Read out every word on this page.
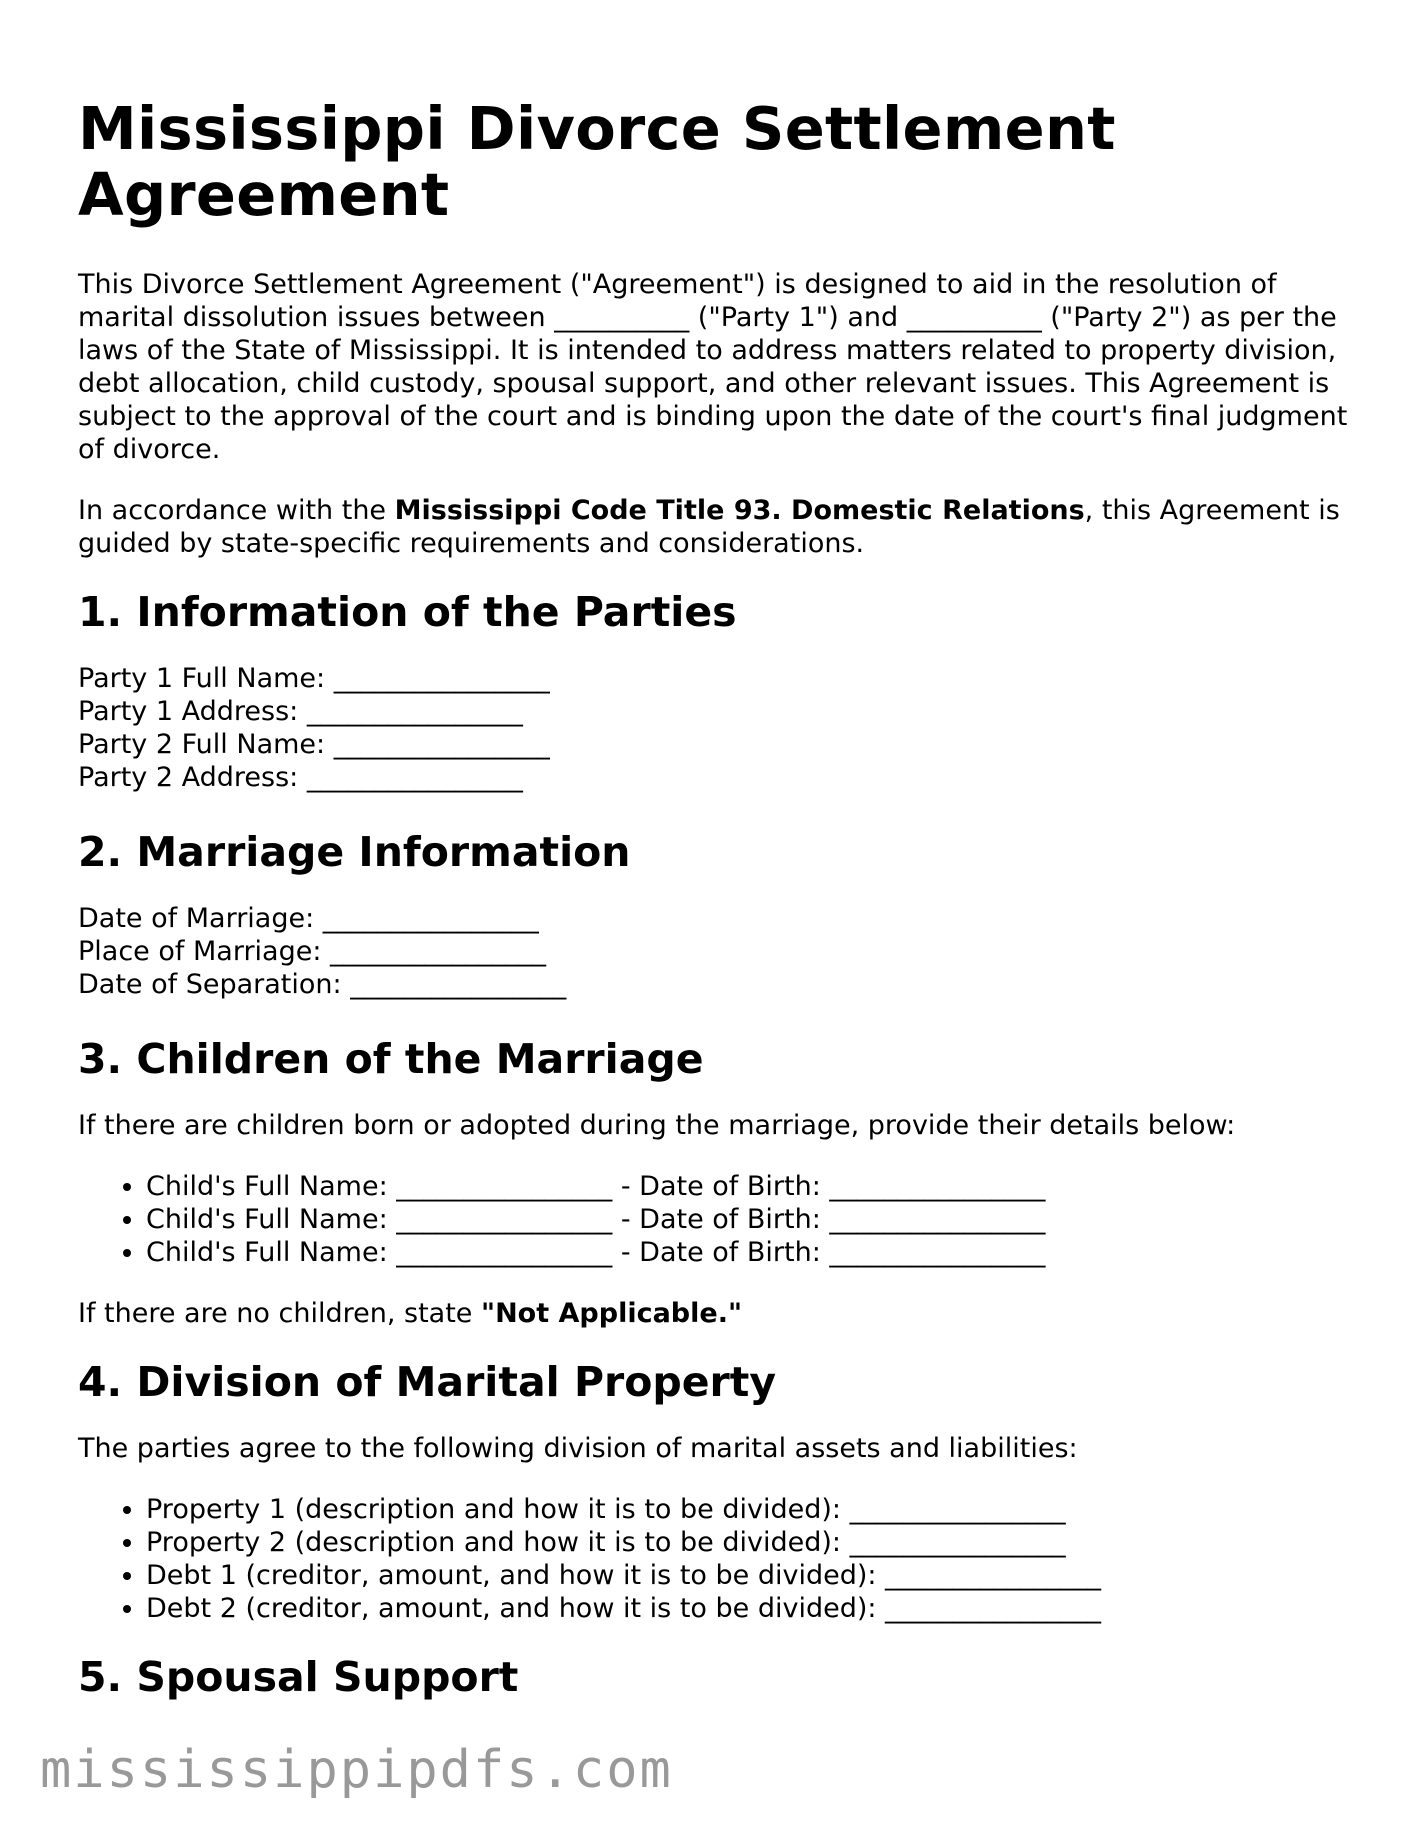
Mississippi Divorce Settlement Agreement

This Divorce Settlement Agreement ("Agreement") is designed to aid in the resolution of marital dissolution issues between __________ ("Party 1") and __________ ("Party 2") as per the laws of the State of Mississippi. It is intended to address matters related to property division, debt allocation, child custody, spousal support, and other relevant issues. This Agreement is subject to the approval of the court and is binding upon the date of the court's final judgment of divorce.

In accordance with the Mississippi Code Title 93. Domestic Relations, this Agreement is guided by state-specific requirements and considerations.

1. Information of the Parties
Party 1 Full Name: ________________
Party 1 Address: ________________
Party 2 Full Name: ________________
Party 2 Address: ________________
2. Marriage Information
Date of Marriage: ________________
Place of Marriage: ________________
Date of Separation: ________________
3. Children of the Marriage

If there are children born or adopted during the marriage, provide their details below:

• Child's Full Name: ________________ - Date of Birth: ________________
• Child's Full Name: ________________ - Date of Birth: ________________
• Child's Full Name: ________________ - Date of Birth: ________________

If there are no children, state "Not Applicable."

4. Division of Marital Property

The parties agree to the following division of marital assets and liabilities:

• Property 1 (description and how it is to be divided): ________________
• Property 2 (description and how it is to be divided): ________________
• Debt 1 (creditor, amount, and how it is to be divided): ________________
• Debt 2 (creditor, amount, and how it is to be divided): ________________
5. Spousal Support
mississippipdfs.com
